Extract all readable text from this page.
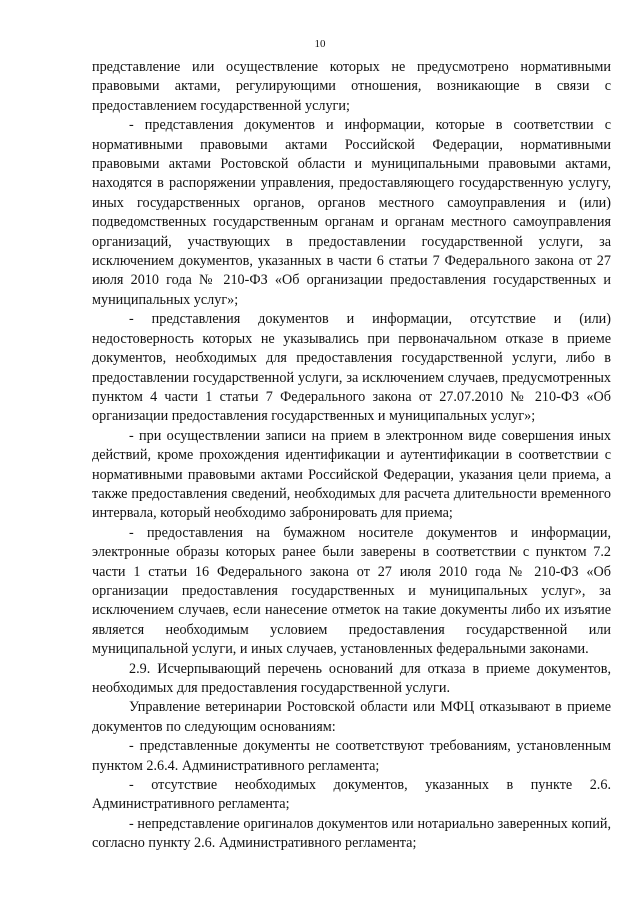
10

представление или осуществление которых не предусмотрено нормативными правовыми актами, регулирующими отношения, возникающие в связи с предоставлением государственной услуги;

- представления документов и информации, которые в соответствии с нормативными правовыми актами Российской Федерации, нормативными правовыми актами Ростовской области и муниципальными правовыми актами, находятся в распоряжении управления, предоставляющего государственную услугу, иных государственных органов, органов местного самоуправления и (или) подведомственных государственным органам и органам местного самоуправления организаций, участвующих в предоставлении государственной услуги, за исключением документов, указанных в части 6 статьи 7 Федерального закона от 27 июля 2010 года № 210-ФЗ «Об организации предоставления государственных и муниципальных услуг»;

- представления документов и информации, отсутствие и (или) недостоверность которых не указывались при первоначальном отказе в приеме документов, необходимых для предоставления государственной услуги, либо в предоставлении государственной услуги, за исключением случаев, предусмотренных пунктом 4 части 1 статьи 7 Федерального закона от 27.07.2010 № 210-ФЗ «Об организации предоставления государственных и муниципальных услуг»;

- при осуществлении записи на прием в электронном виде совершения иных действий, кроме прохождения идентификации и аутентификации в соответствии с нормативными правовыми актами Российской Федерации, указания цели приема, а также предоставления сведений, необходимых для расчета длительности временного интервала, который необходимо забронировать для приема;

- предоставления на бумажном носителе документов и информации, электронные образы которых ранее были заверены в соответствии с пунктом 7.2 части 1 статьи 16 Федерального закона от 27 июля 2010 года № 210-ФЗ «Об организации предоставления государственных и муниципальных услуг», за исключением случаев, если нанесение отметок на такие документы либо их изъятие является необходимым условием предоставления государственной или муниципальной услуги, и иных случаев, установленных федеральными законами.

2.9. Исчерпывающий перечень оснований для отказа в приеме документов, необходимых для предоставления государственной услуги.

Управление ветеринарии Ростовской области или МФЦ отказывают в приеме документов по следующим основаниям:

- представленные документы не соответствуют требованиям, установленным пунктом 2.6.4. Административного регламента;

- отсутствие необходимых документов, указанных в пункте 2.6. Административного регламента;

- непредставление оригиналов документов или нотариально заверенных копий, согласно пункту 2.6. Административного регламента;
